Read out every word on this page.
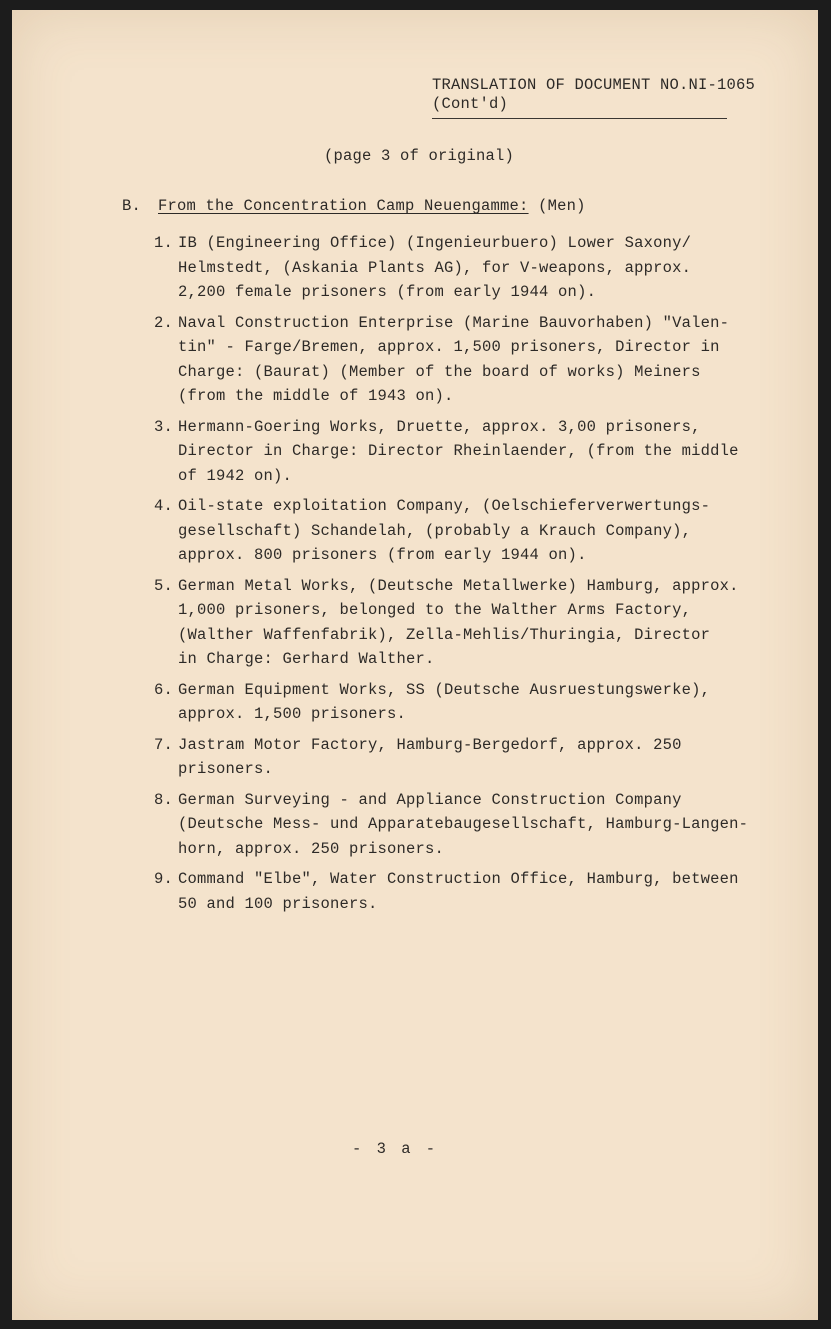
TRANSLATION OF DOCUMENT NO.NI-1065

(Cont'd)
(page 3 of original)
B. From the Concentration Camp Neuengamme: (Men)
1. IB (Engineering Office) (Ingenieurbuero) Lower Saxony/
Helmstedt, (Askania Plants AG), for V-weapons, approx.
2,200 female prisoners (from early 1944 on).
2. Naval Construction Enterprise (Marine Bauvorhaben) "Valen-
tin" - Farge/Bremen, approx. 1,500 prisoners, Director in
Charge: (Baurat) (Member of the board of works) Meiners
(from the middle of 1943 on).
3. Hermann-Goering Works, Druette, approx. 3,00 prisoners,
Director in Charge: Director Rheinlaender, (from the middle
of 1942 on).
4. Oil-state exploitation Company, (Oelschieferverwertungs-
gesellschaft) Schandelah, (probably a Krauch Company),
approx. 800 prisoners (from early 1944 on).
5. German Metal Works, (Deutsche Metallwerke) Hamburg, approx.
1,000 prisoners, belonged to the Walther Arms Factory,
(Walther Waffenfabrik), Zella-Mehlis/Thuringia, Director
in Charge: Gerhard Walther.
6. German Equipment Works, SS (Deutsche Ausruestungswerke),
approx. 1,500 prisoners.
7. Jastram Motor Factory, Hamburg-Bergedorf, approx. 250 prisoners.
8. German Surveying - and Appliance Construction Company
(Deutsche Mess- und Apparatebaugesellschaft, Hamburg-Langen-
horn, approx. 250 prisoners.
9. Command "Elbe", Water Construction Office, Hamburg, between
50 and 100 prisoners.
- 3 a -
